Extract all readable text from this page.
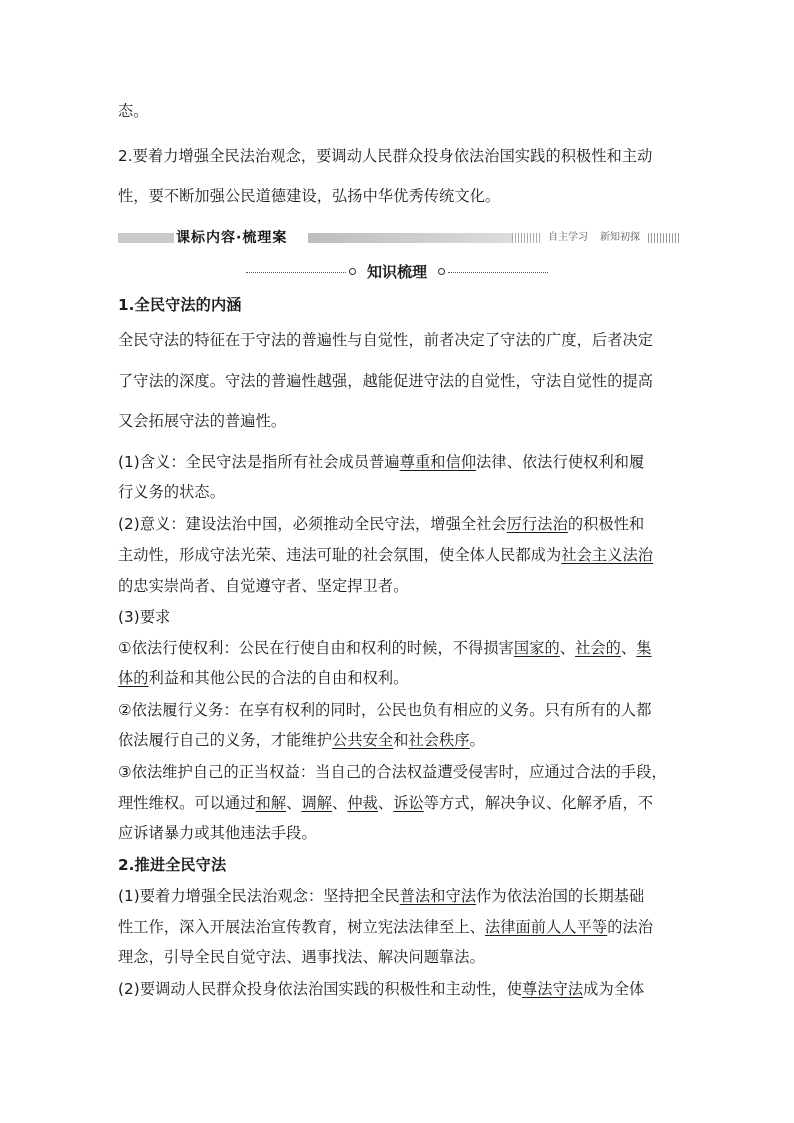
态。
2.要着力增强全民法治观念，要调动人民群众投身依法治国实践的积极性和主动
性，要不断加强公民道德建设，弘扬中华优秀传统文化。
课标内容·梳理案	自主学习 新知初探
知识梳理
1.全民守法的内涵
全民守法的特征在于守法的普遍性与自觉性，前者决定了守法的广度，后者决定
了守法的深度。守法的普遍性越强，越能促进守法的自觉性，守法自觉性的提高
又会拓展守法的普遍性。
(1)含义：全民守法是指所有社会成员普遍尊重和信仰法律、依法行使权利和履
行义务的状态。
(2)意义：建设法治中国，必须推动全民守法，增强全社会厉行法治的积极性和
主动性，形成守法光荣、违法可耻的社会氛围，使全体人民都成为社会主义法治
的忠实崇尚者、自觉遵守者、坚定捍卫者。
(3)要求
①依法行使权利：公民在行使自由和权利的时候，不得损害国家的、社会的、集
体的利益和其他公民的合法的自由和权利。
②依法履行义务：在享有权利的同时，公民也负有相应的义务。只有所有的人都
依法履行自己的义务，才能维护公共安全和社会秩序。
③依法维护自己的正当权益：当自己的合法权益遭受侵害时，应通过合法的手段，
理性维权。可以通过和解、调解、仲裁、诉讼等方式，解决争议、化解矛盾，不
应诉诸暴力或其他违法手段。
2.推进全民守法
(1)要着力增强全民法治观念：坚持把全民普法和守法作为依法治国的长期基础
性工作，深入开展法治宣传教育，树立宪法法律至上、法律面前人人平等的法治
理念，引导全民自觉守法、遇事找法、解决问题靠法。
(2)要调动人民群众投身依法治国实践的积极性和主动性，使尊法守法成为全体
